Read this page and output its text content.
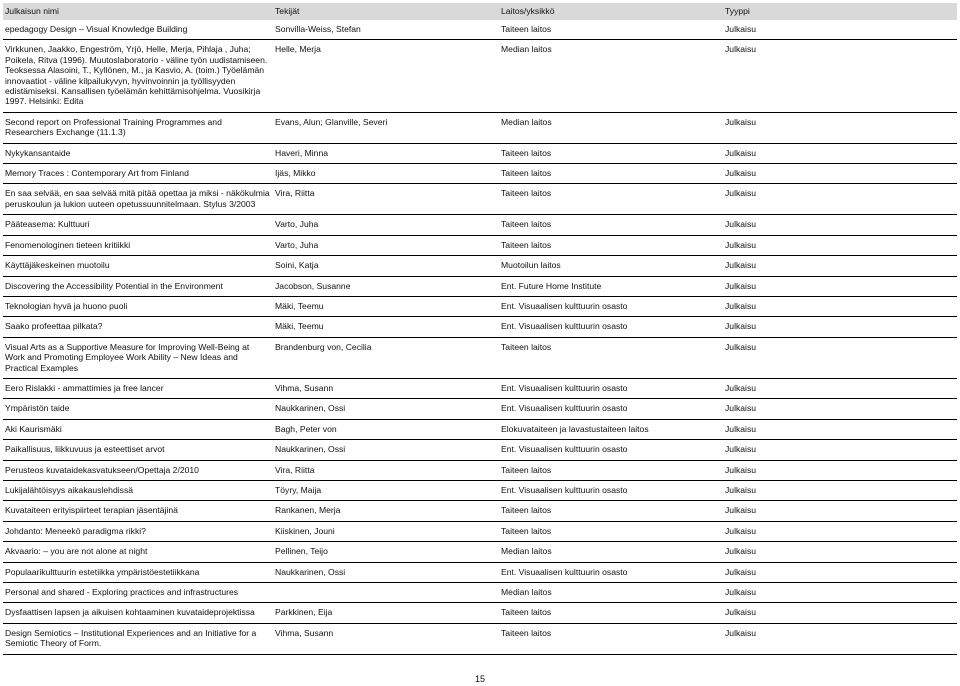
Julkaisun nimi	Tekijät	Laitos/yksikkö	Tyyppi
epedagogy Design – Visual Knowledge Building	Sonvilla-Weiss, Stefan	Taiteen laitos	Julkaisu
Virkkunen, Jaakko, Engeström, Yrjö, Helle, Merja, Pihlaja , Juha; Poikela, Ritva (1996). Muutoslaboratorio - väline työn uudistamiseen. Teoksessa Alasoini, T., Kyllönen, M., ja Kasvio, A. (toim.) Työelämän innovaatiot - väline kilpailukyvyn, hyvinvoinnin ja työllisyyden edistämiseksi. Kansallisen työelämän kehittämisohjelma. Vuosikirja 1997. Helsinki: Edita	Helle, Merja	Median laitos	Julkaisu
Second report on Professional Training Programmes and Researchers Exchange (11.1.3)	Evans, Alun; Glanville, Severi	Median laitos	Julkaisu
Nykykansantaide	Haveri, Minna	Taiteen laitos	Julkaisu
Memory Traces : Contemporary Art from Finland	Ijäs, Mikko	Taiteen laitos	Julkaisu
En saa selvää, en saa selvää mitä pitää opettaa ja miksi - näkökulmia peruskoulun ja lukion uuteen opetussuunnitelmaan. Stylus 3/2003	Vira, Riitta	Taiteen laitos	Julkaisu
Pääteasema: Kulttuuri	Varto, Juha	Taiteen laitos	Julkaisu
Fenomenologinen tieteen kritiikki	Varto, Juha	Taiteen laitos	Julkaisu
Käyttäjäkeskeinen muotoilu	Soini, Katja	Muotoilun laitos	Julkaisu
Discovering the Accessibility Potential in the Environment	Jacobson, Susanne	Ent. Future Home Institute	Julkaisu
Teknologian hyvä ja huono puoli	Mäki, Teemu	Ent. Visuaalisen kulttuurin osasto	Julkaisu
Saako profeettaa pilkata?	Mäki, Teemu	Ent. Visuaalisen kulttuurin osasto	Julkaisu
Visual Arts as a Supportive Measure for Improving Well-Being at Work and Promoting Employee Work Ability – New Ideas and Practical Examples	Brandenburg von, Cecilia	Taiteen laitos	Julkaisu
Eero Rislakki - ammattimies ja free lancer	Vihma, Susann	Ent. Visuaalisen kulttuurin osasto	Julkaisu
Ympäristön taide	Naukkarinen, Ossi	Ent. Visuaalisen kulttuurin osasto	Julkaisu
Aki Kaurismäki	Bagh, Peter von	Elokuvataiteen ja lavastustaiteen laitos	Julkaisu
Paikallisuus, liikkuvuus ja esteettiset arvot	Naukkarinen, Ossi	Ent. Visuaalisen kulttuurin osasto	Julkaisu
Perusteos kuvataidekasvatukseen/Opettaja 2/2010	Vira, Riitta	Taiteen laitos	Julkaisu
Lukijalähtöisyys aikakauslehdissä	Töyry, Maija	Ent. Visuaalisen kulttuurin osasto	Julkaisu
Kuvataiteen erityispiirteet terapian jäsentäjinä	Rankanen, Merja	Taiteen laitos	Julkaisu
Johdanto: Meneekö paradigma rikki?	Kiiskinen, Jouni	Taiteen laitos	Julkaisu
Akvaario: – you are not alone at night	Pellinen, Teijo	Median laitos	Julkaisu
Populaarikulttuurin estetiikka ympäristöestetiikkana	Naukkarinen, Ossi	Ent. Visuaalisen kulttuurin osasto	Julkaisu
Personal and shared - Exploring practices and infrastructures		Median laitos	Julkaisu
Dysfaattisen lapsen ja aikuisen kohtaaminen kuvataideprojektissa	Parkkinen, Eija	Taiteen laitos	Julkaisu
Design Semiotics – Institutional Experiences and an Initiative for a Semiotic Theory of Form.	Vihma, Susann	Taiteen laitos	Julkaisu
15
